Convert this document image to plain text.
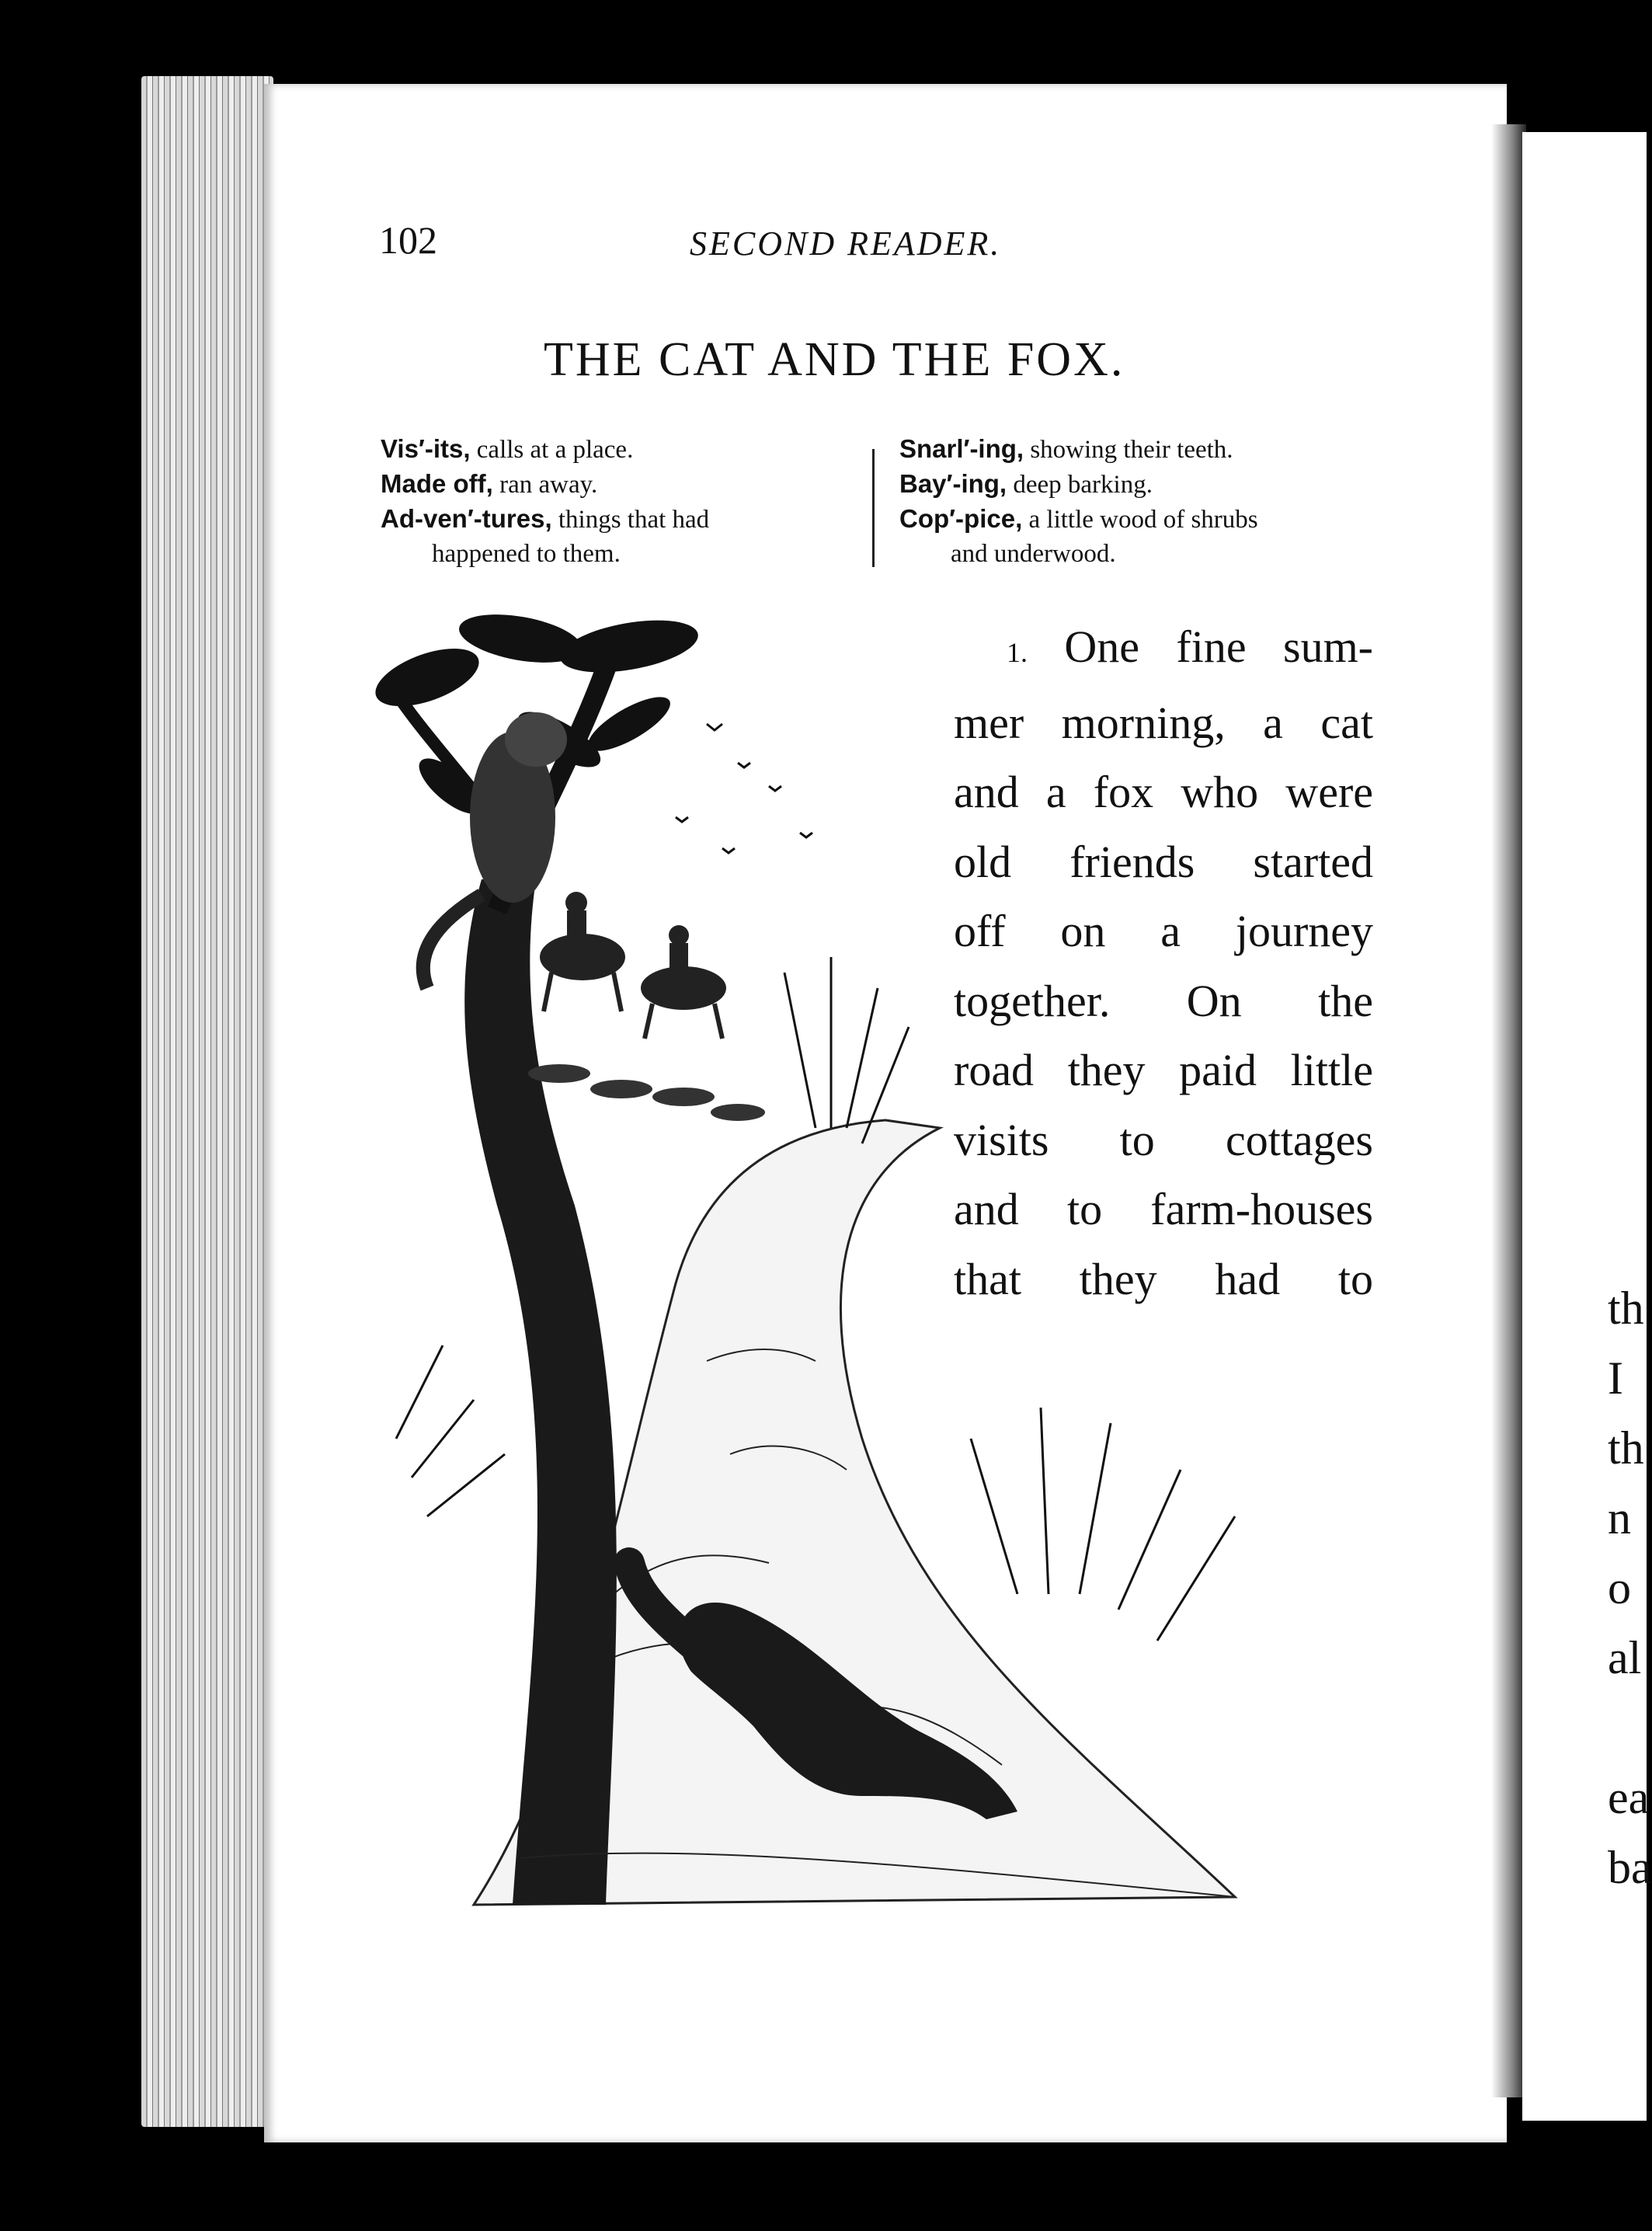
th
I
th
n
o
al
ea
ba
102	SECOND READER.
THE CAT AND THE FOX.
Vis′-its, calls at a place.
Made off, ran away.
Ad-ven′-tures, things that had
happened to them.
Snarl′-ing, showing their teeth.
Bay′-ing, deep barking.
Cop′-pice, a little wood of shrubs
and underwood.
1. One fine sum-
mer morning, a cat
and a fox who were
old friends started
off on a journey
together. On the
road they paid little
visits to cottages
and to farm-houses
that they had to
